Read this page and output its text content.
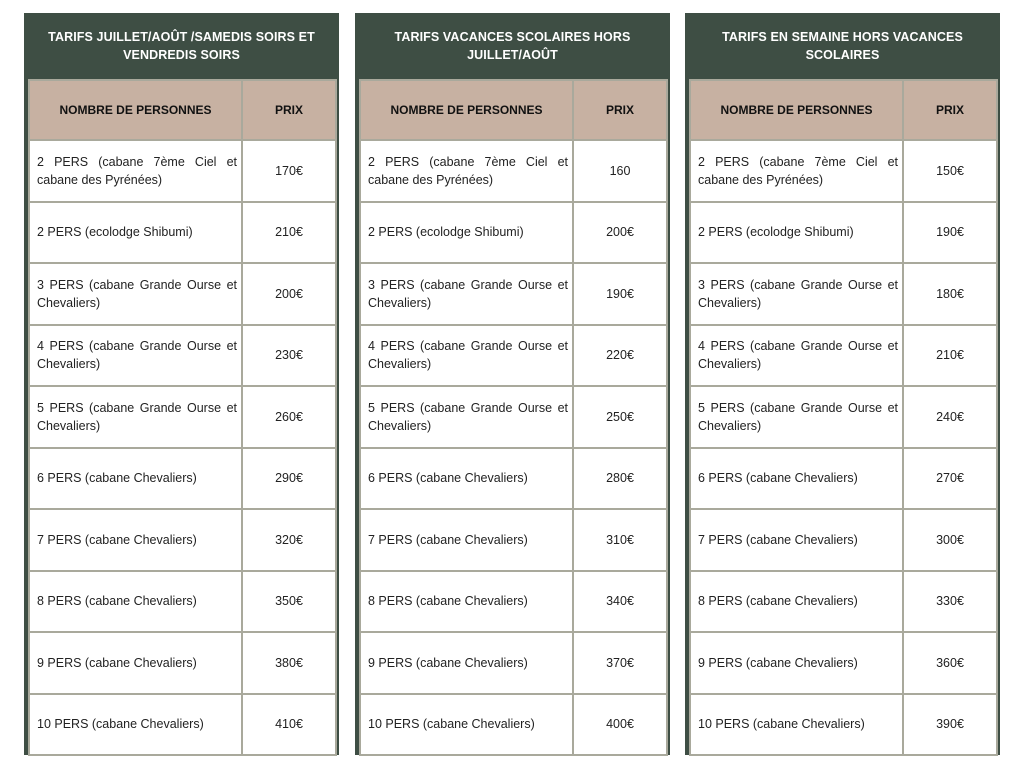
TARIFS JUILLET/AOÛT /SAMEDIS SOIRS ET VENDREDIS SOIRS
NOMBRE DE PERSONNES	PRIX
2 PERS (cabane 7ème Ciel et cabane des Pyrénées)	170€
2 PERS (ecolodge Shibumi)	210€
3 PERS (cabane Grande Ourse et Chevaliers)	200€
4 PERS (cabane Grande Ourse et Chevaliers)	230€
5 PERS (cabane Grande Ourse et Chevaliers)	260€
6 PERS (cabane Chevaliers)	290€
7 PERS (cabane Chevaliers)	320€
8 PERS (cabane Chevaliers)	350€
9 PERS (cabane Chevaliers)	380€
10 PERS (cabane Chevaliers)	410€
TARIFS VACANCES SCOLAIRES HORS JUILLET/AOÛT
NOMBRE DE PERSONNES	PRIX
2 PERS (cabane 7ème Ciel et cabane des Pyrénées)	160
2 PERS (ecolodge Shibumi)	200€
3 PERS (cabane Grande Ourse et Chevaliers)	190€
4 PERS (cabane Grande Ourse et Chevaliers)	220€
5 PERS (cabane Grande Ourse et Chevaliers)	250€
6 PERS (cabane Chevaliers)	280€
7 PERS (cabane Chevaliers)	310€
8 PERS (cabane Chevaliers)	340€
9 PERS (cabane Chevaliers)	370€
10 PERS (cabane Chevaliers)	400€
TARIFS EN SEMAINE HORS VACANCES SCOLAIRES
NOMBRE DE PERSONNES	PRIX
2 PERS (cabane 7ème Ciel et cabane des Pyrénées)	150€
2 PERS (ecolodge Shibumi)	190€
3 PERS (cabane Grande Ourse et Chevaliers)	180€
4 PERS (cabane Grande Ourse et Chevaliers)	210€
5 PERS (cabane Grande Ourse et Chevaliers)	240€
6 PERS (cabane Chevaliers)	270€
7 PERS (cabane Chevaliers)	300€
8 PERS (cabane Chevaliers)	330€
9 PERS (cabane Chevaliers)	360€
10 PERS (cabane Chevaliers)	390€
